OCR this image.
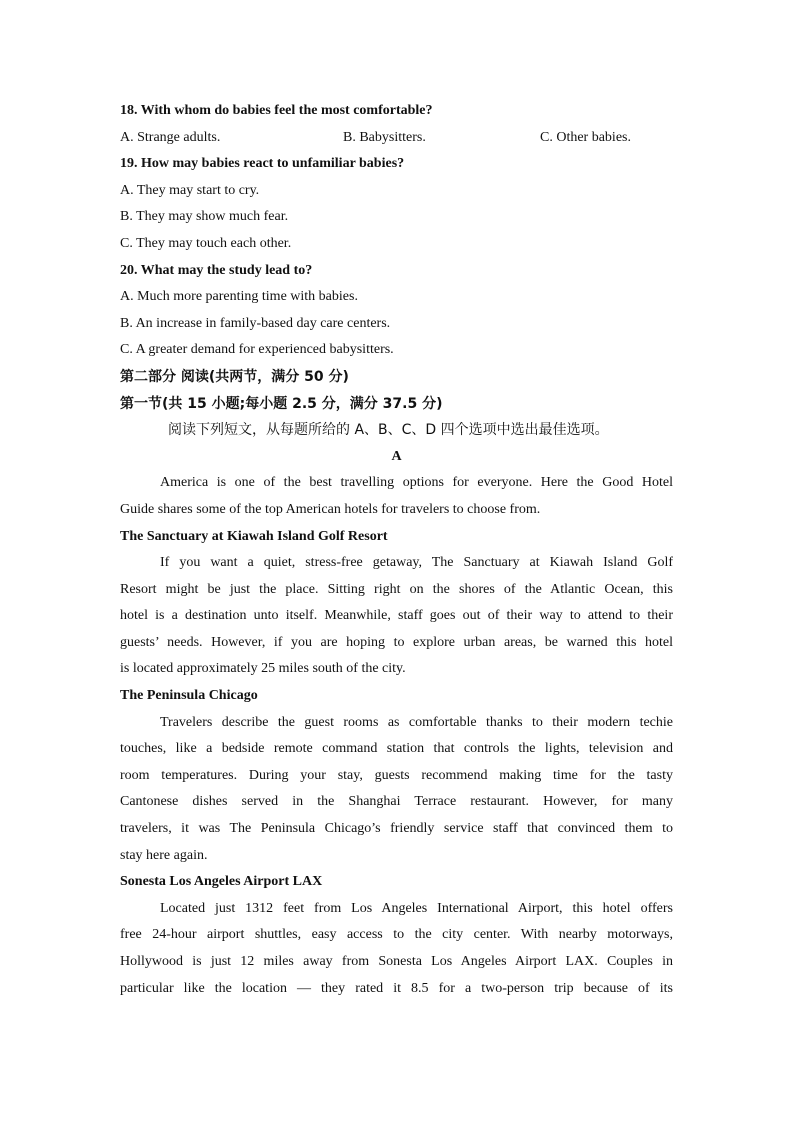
18. With whom do babies feel the most comfortable?
A. Strange adults.	B. Babysitters.	C. Other babies.
19. How may babies react to unfamiliar babies?
A. They may start to cry.
B. They may show much fear.
C. They may touch each other.
20. What may the study lead to?
A. Much more parenting time with babies.
B. An increase in family-based day care centers.
C. A greater demand for experienced babysitters.
第二部分 阅读(共两节，满分 50 分)
第一节(共 15 小题;每小题 2.5 分，满分 37.5 分)
阅读下列短文，从每题所给的 A、B、C、D 四个选项中选出最佳选项。
A
America is one of the best travelling options for everyone. Here the Good Hotel
Guide shares some of the top American hotels for travelers to choose from.
The Sanctuary at Kiawah Island Golf Resort
If you want a quiet, stress-free getaway, The Sanctuary at Kiawah Island Golf
Resort might be just the place. Sitting right on the shores of the Atlantic Ocean, this
hotel is a destination unto itself. Meanwhile, staff goes out of their way to attend to their
guests’ needs. However, if you are hoping to explore urban areas, be warned this hotel
is located approximately 25 miles south of the city.
The Peninsula Chicago
Travelers describe the guest rooms as comfortable thanks to their modern techie
touches, like a bedside remote command station that controls the lights, television and
room temperatures. During your stay, guests recommend making time for the tasty
Cantonese dishes served in the Shanghai Terrace restaurant. However, for many
travelers, it was The Peninsula Chicago’s friendly service staff that convinced them to
stay here again.
Sonesta Los Angeles Airport LAX
Located just 1312 feet from Los Angeles International Airport, this hotel offers
free 24-hour airport shuttles, easy access to the city center. With nearby motorways,
Hollywood is just 12 miles away from Sonesta Los Angeles Airport LAX. Couples in
particular like the location — they rated it 8.5 for a two-person trip because of its
